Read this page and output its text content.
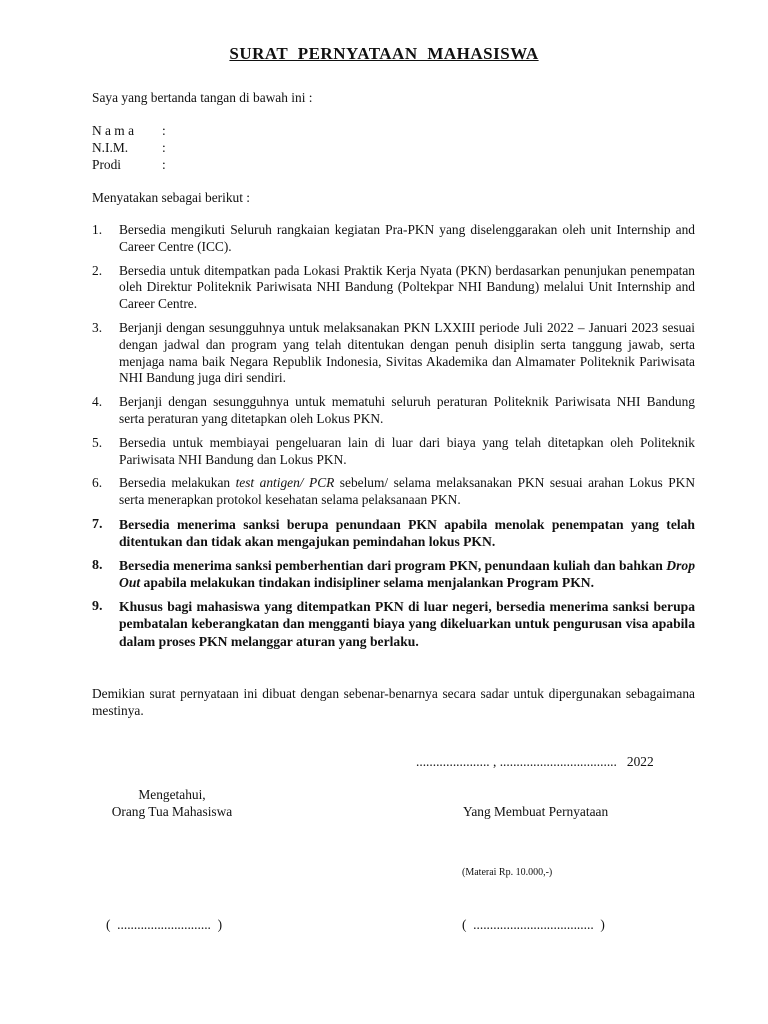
SURAT PERNYATAAN MAHASISWA
Saya yang bertanda tangan di bawah ini :
N a m a :
N.I.M.	:
Prodi	:
Menyatakan sebagai berikut :
1.	Bersedia mengikuti Seluruh rangkaian kegiatan Pra-PKN yang diselenggarakan oleh unit Internship and Career Centre (ICC).
2.	Bersedia untuk ditempatkan pada Lokasi Praktik Kerja Nyata (PKN) berdasarkan penunjukan penempatan oleh Direktur Politeknik Pariwisata NHI Bandung (Poltekpar NHI Bandung) melalui Unit Internship and Career Centre.
3.	Berjanji dengan sesungguhnya untuk melaksanakan PKN LXXIII periode Juli 2022 – Januari 2023 sesuai dengan jadwal dan program yang telah ditentukan dengan penuh disiplin serta tanggung jawab, serta menjaga nama baik Negara Republik Indonesia, Sivitas Akademika dan Almamater Politeknik Pariwisata NHI Bandung juga diri sendiri.
4.	Berjanji dengan sesungguhnya untuk mematuhi seluruh peraturan Politeknik Pariwisata NHI Bandung serta peraturan yang ditetapkan oleh Lokus PKN.
5.	Bersedia untuk membiayai pengeluaran lain di luar dari biaya yang telah ditetapkan oleh Politeknik Pariwisata NHI Bandung dan Lokus PKN.
6.	Bersedia melakukan test antigen/ PCR sebelum/ selama melaksanakan PKN sesuai arahan Lokus PKN serta menerapkan protokol kesehatan selama pelaksanaan PKN.
7.	Bersedia menerima sanksi berupa penundaan PKN apabila menolak penempatan yang telah ditentukan dan tidak akan mengajukan pemindahan lokus PKN.
8.	Bersedia menerima sanksi pemberhentian dari program PKN, penundaan kuliah dan bahkan Drop Out apabila melakukan tindakan indisipliner selama menjalankan Program PKN.
9.	Khusus bagi mahasiswa yang ditempatkan PKN di luar negeri, bersedia menerima sanksi berupa pembatalan keberangkatan dan mengganti biaya yang dikeluarkan untuk pengurusan visa apabila dalam proses PKN melanggar aturan yang berlaku.
Demikian surat pernyataan ini dibuat dengan sebenar-benarnya secara sadar untuk dipergunakan sebagaimana mestinya.
...................... , ...................................   2022
Mengetahui,
Orang Tua Mahasiswa
(  ............................  )
Yang Membuat Pernyataan
(Materai Rp. 10.000,-)
(  ....................................  )
